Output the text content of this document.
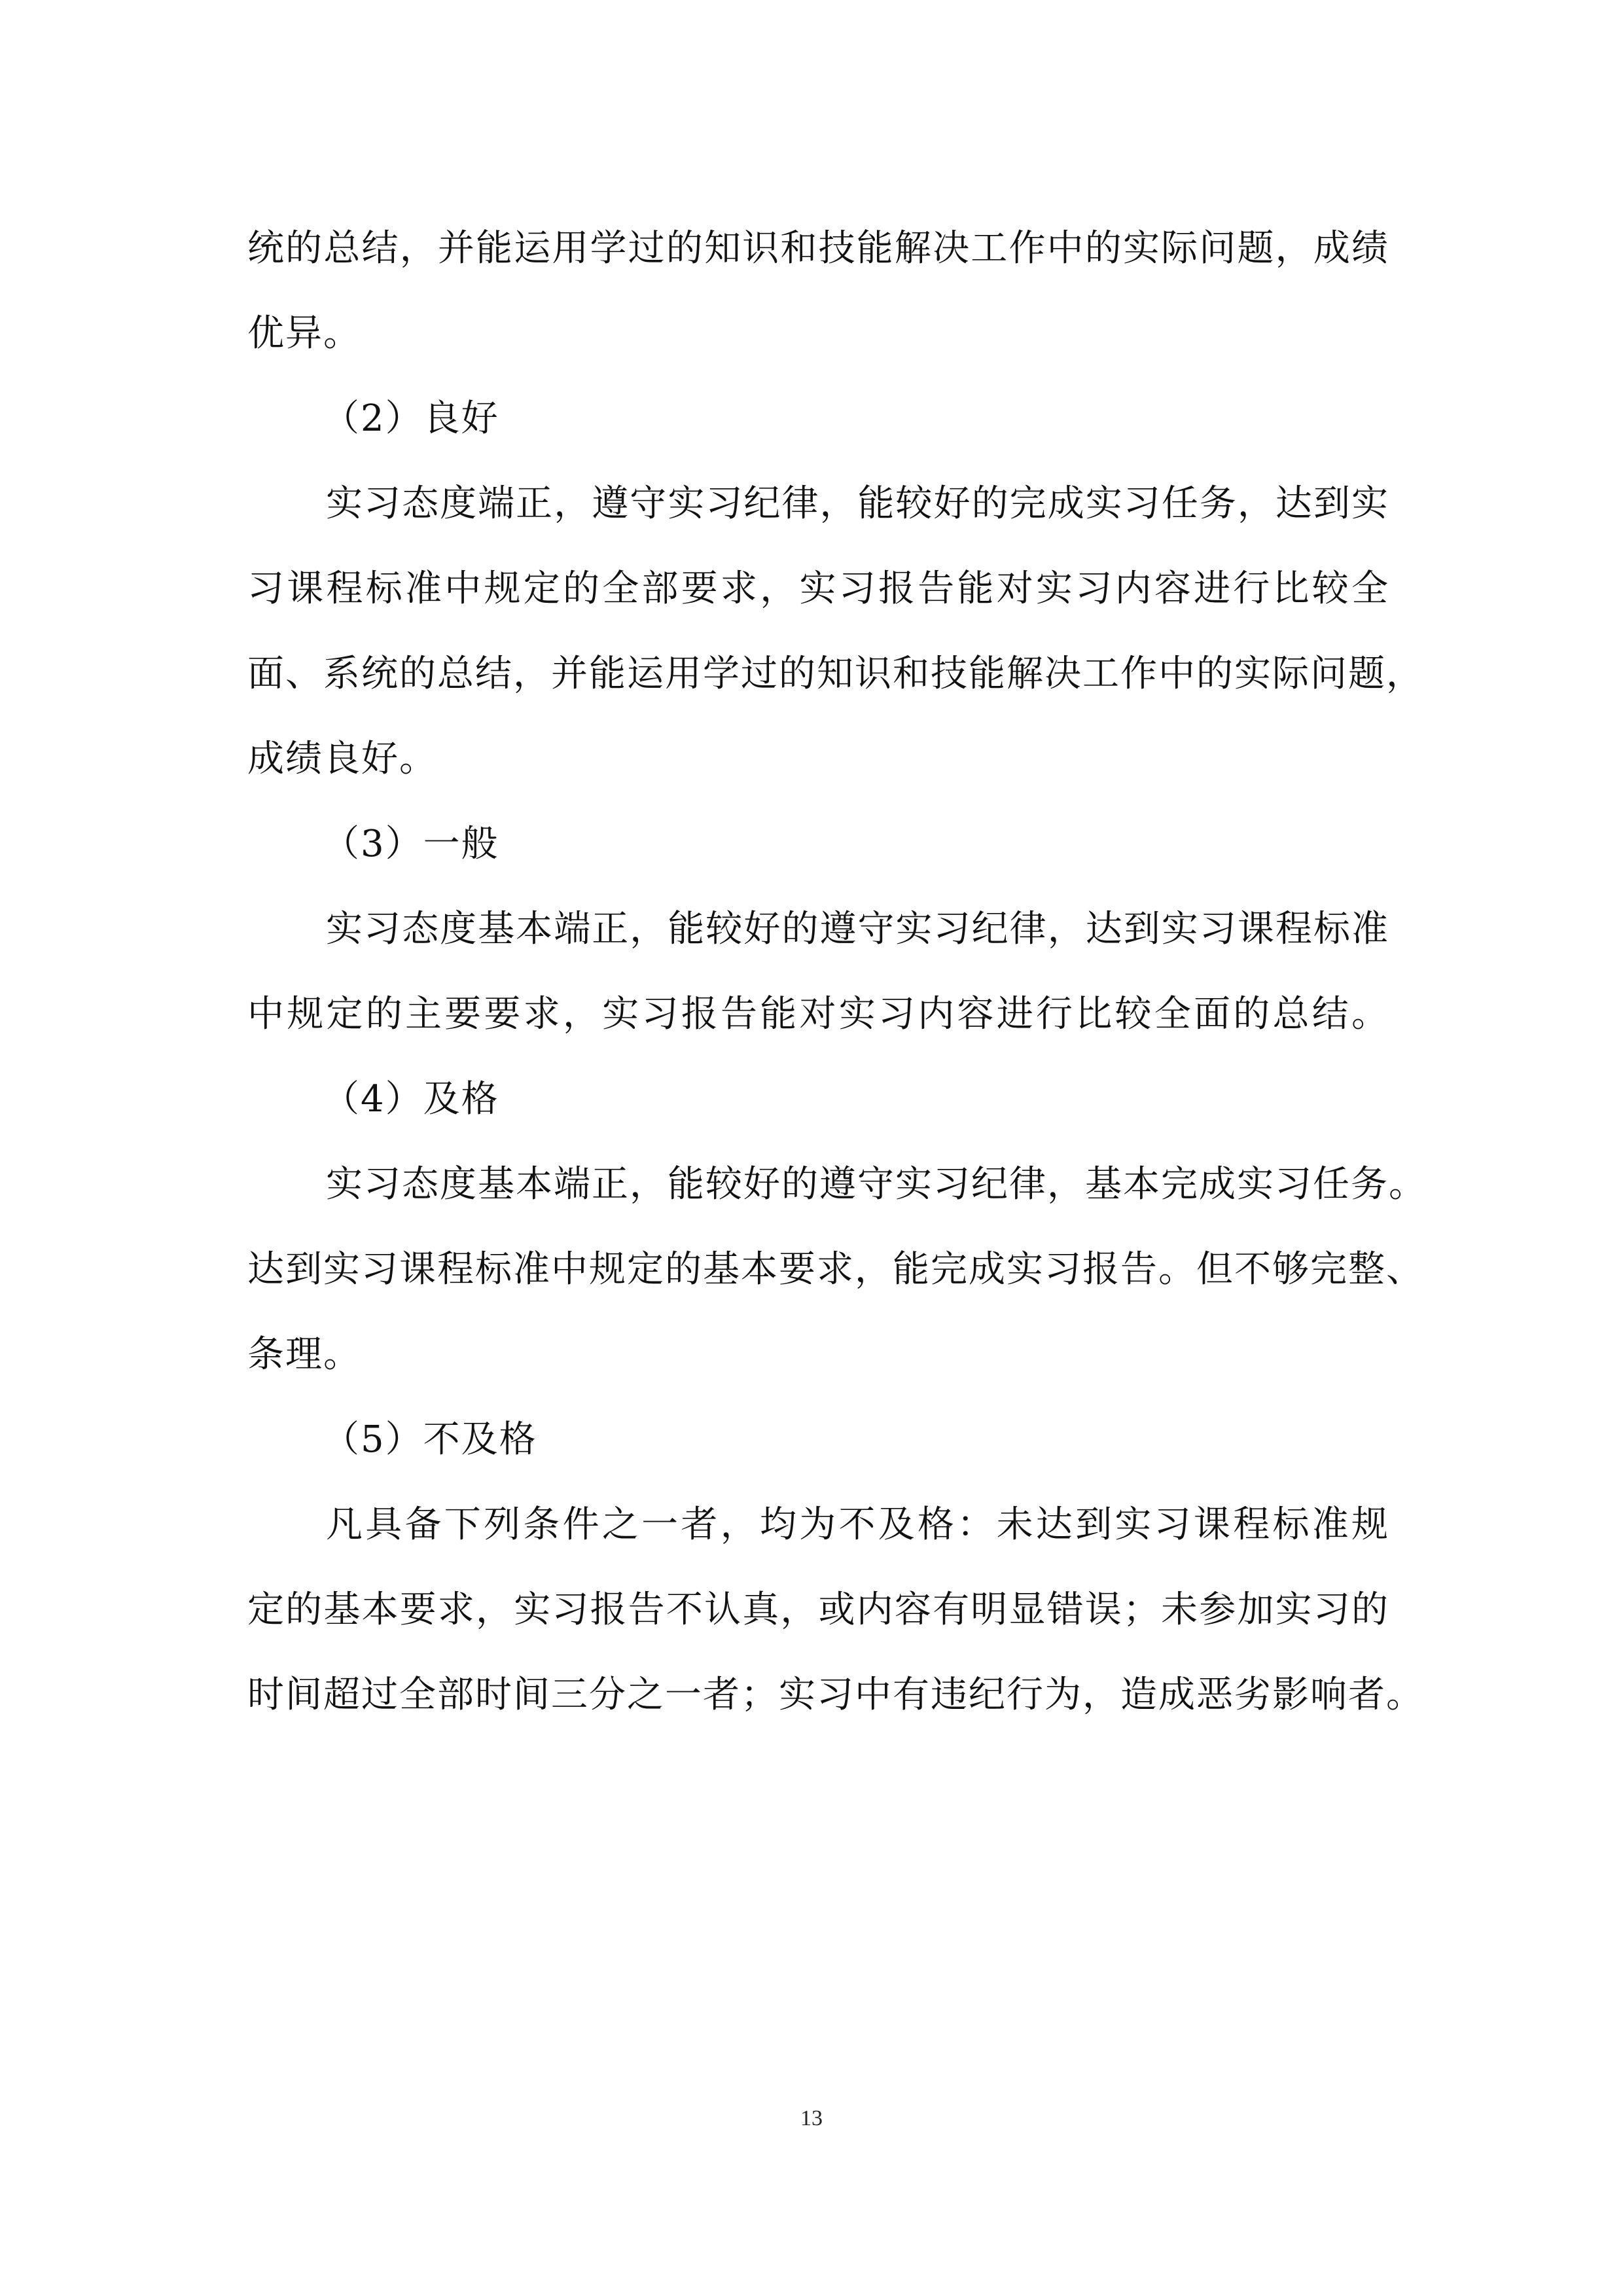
统的总结，并能运用学过的知识和技能解决工作中的实际问题，成绩
优异。
（2）良好
实习态度端正，遵守实习纪律，能较好的完成实习任务，达到实
习课程标准中规定的全部要求，实习报告能对实习内容进行比较全
面、系统的总结，并能运用学过的知识和技能解决工作中的实际问题，
成绩良好。
（3）一般
实习态度基本端正，能较好的遵守实习纪律，达到实习课程标准
中规定的主要要求，实习报告能对实习内容进行比较全面的总结。
（4）及格
实习态度基本端正，能较好的遵守实习纪律，基本完成实习任务。
达到实习课程标准中规定的基本要求，能完成实习报告。但不够完整、
条理。
（5）不及格
凡具备下列条件之一者，均为不及格：未达到实习课程标准规
定的基本要求，实习报告不认真，或内容有明显错误；未参加实习的
时间超过全部时间三分之一者；实习中有违纪行为，造成恶劣影响者。
13
